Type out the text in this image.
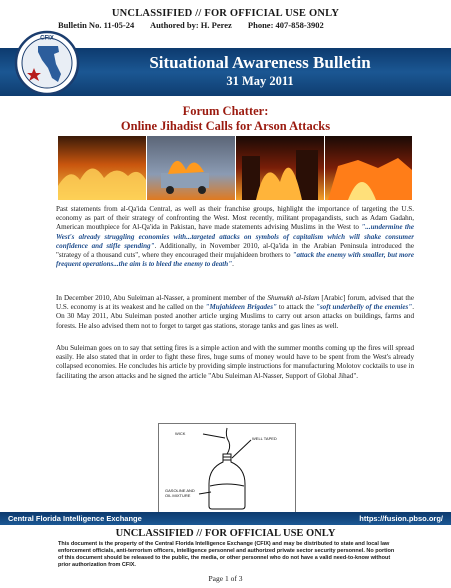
UNCLASSIFIED // FOR OFFICIAL USE ONLY
Bulletin No. 11-05-24 Authored by: H. Perez Phone: 407-858-3902
Situational Awareness Bulletin
31 May 2011
CFIX
Forum Chatter:
Online Jihadist Calls for Arson Attacks
Past statements from al-Qa'ida Central, as well as their franchise groups, highlight the importance of targeting the U.S. economy as part of their strategy of confronting the West. Most recently, militant propagandists, such as Adam Gadahn, American mouthpiece for Al-Qa'ida in Pakistan, have made statements advising Muslims in the West to "...undermine the West's already struggling economies with...targeted attacks on symbols of capitalism which will shake consumer confidence and stifle spending". Additionally, in November 2010, al-Qa'ida in the Arabian Peninsula introduced the "strategy of a thousand cuts", where they encouraged their mujahideen brothers to "attack the enemy with smaller, but more frequent operations...the aim is to bleed the enemy to death".
In December 2010, Abu Suleiman al-Nasser, a prominent member of the Shumukh al-Islam [Arabic] forum, advised that the U.S. economy is at its weakest and he called on the "Mujahideen Brigades" to attack the "soft underbelly of the enemies". On 30 May 2011, Abu Suleiman posted another article urging Muslims to carry out arson attacks on buildings, farms and forests. He also advised them not to forget to target gas stations, storage tanks and gas lines as well.
Abu Suleiman goes on to say that setting fires is a simple action and with the summer months coming up the fires will spread easily. He also stated that in order to fight these fires, huge sums of money would have to be spent from the West's already collapsed economies. He concludes his article by providing simple instructions for manufacturing Molotov cocktails to use in facilitating the arson attacks and he signed the article "Abu Suleiman Al-Nasser, Support of Global Jihad".
WICK
WELL TAPED
GASOLINE AND
OIL MIXTURE
Central Florida Intelligence Exchange	https://fusion.pbso.org/
UNCLASSIFIED // FOR OFFICIAL USE ONLY
This document is the property of the Central Florida Intelligence Exchange (CFIX) and may be distributed to state and local law enforcement officials, anti-terrorism officers, intelligence personnel and authorized private sector security personnel. No portion of this document should be released to the public, the media, or other personnel who do not have a valid need-to-know without prior authorization from CFIX.
Page 1 of 3
